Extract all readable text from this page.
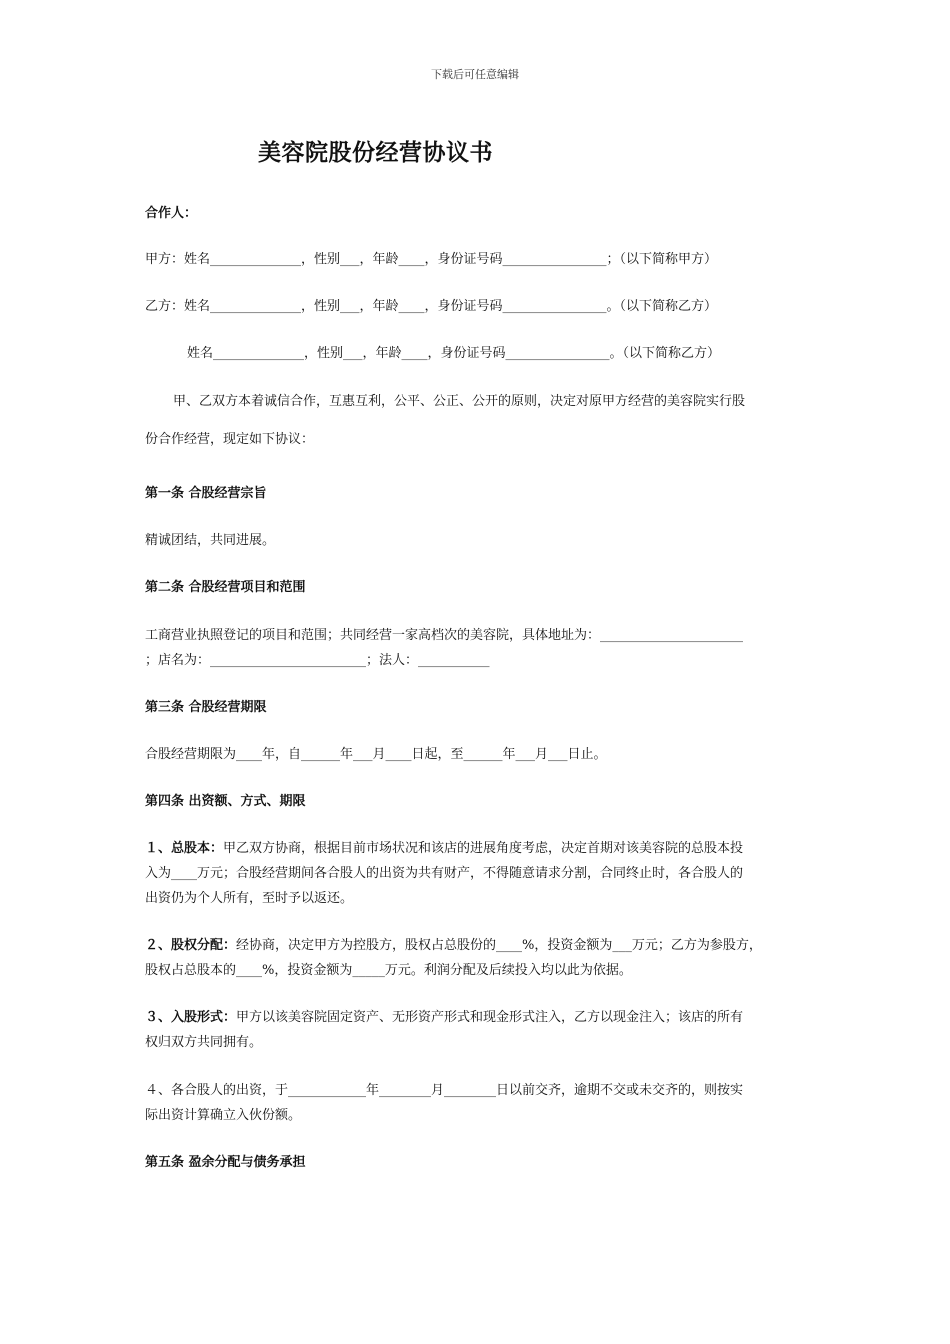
下载后可任意编辑
美容院股份经营协议书
合作人：
甲方：姓名______________，性别___，年龄____，身份证号码________________；（以下简称甲方）
乙方：姓名______________，性别___，年龄____，身份证号码________________。（以下简称乙方）
姓名______________，性别___，年龄____，身份证号码________________。（以下简称乙方）
甲、乙双方本着诚信合作，互惠互利，公平、公正、公开的原则，决定对原甲方经营的美容院实行股
份合作经营，现定如下协议：
第一条 合股经营宗旨
精诚团结，共同进展。
第二条 合股经营项目和范围
工商营业执照登记的项目和范围；共同经营一家高档次的美容院，具体地址为：______________________
；店名为：________________________；法人：___________
第三条 合股经营期限
合股经营期限为____年，自______年___月____日起，至______年___月___日止。
第四条 出资额、方式、期限
１、总股本：甲乙双方协商，根据目前市场状况和该店的进展角度考虑，决定首期对该美容院的总股本投
入为____万元；合股经营期间各合股人的出资为共有财产，不得随意请求分割，合同终止时，各合股人的
出资仍为个人所有，至时予以返还。
２、股权分配：经协商，决定甲方为控股方，股权占总股份的____%，投资金额为___万元；乙方为参股方，
股权占总股本的____%，投资金额为_____万元。利润分配及后续投入均以此为依据。
３、入股形式：甲方以该美容院固定资产、无形资产形式和现金形式注入，乙方以现金注入；该店的所有
权归双方共同拥有。
４、各合股人的出资，于____________年________月________日以前交齐，逾期不交或未交齐的，则按实
际出资计算确立入伙份额。
第五条 盈余分配与债务承担
